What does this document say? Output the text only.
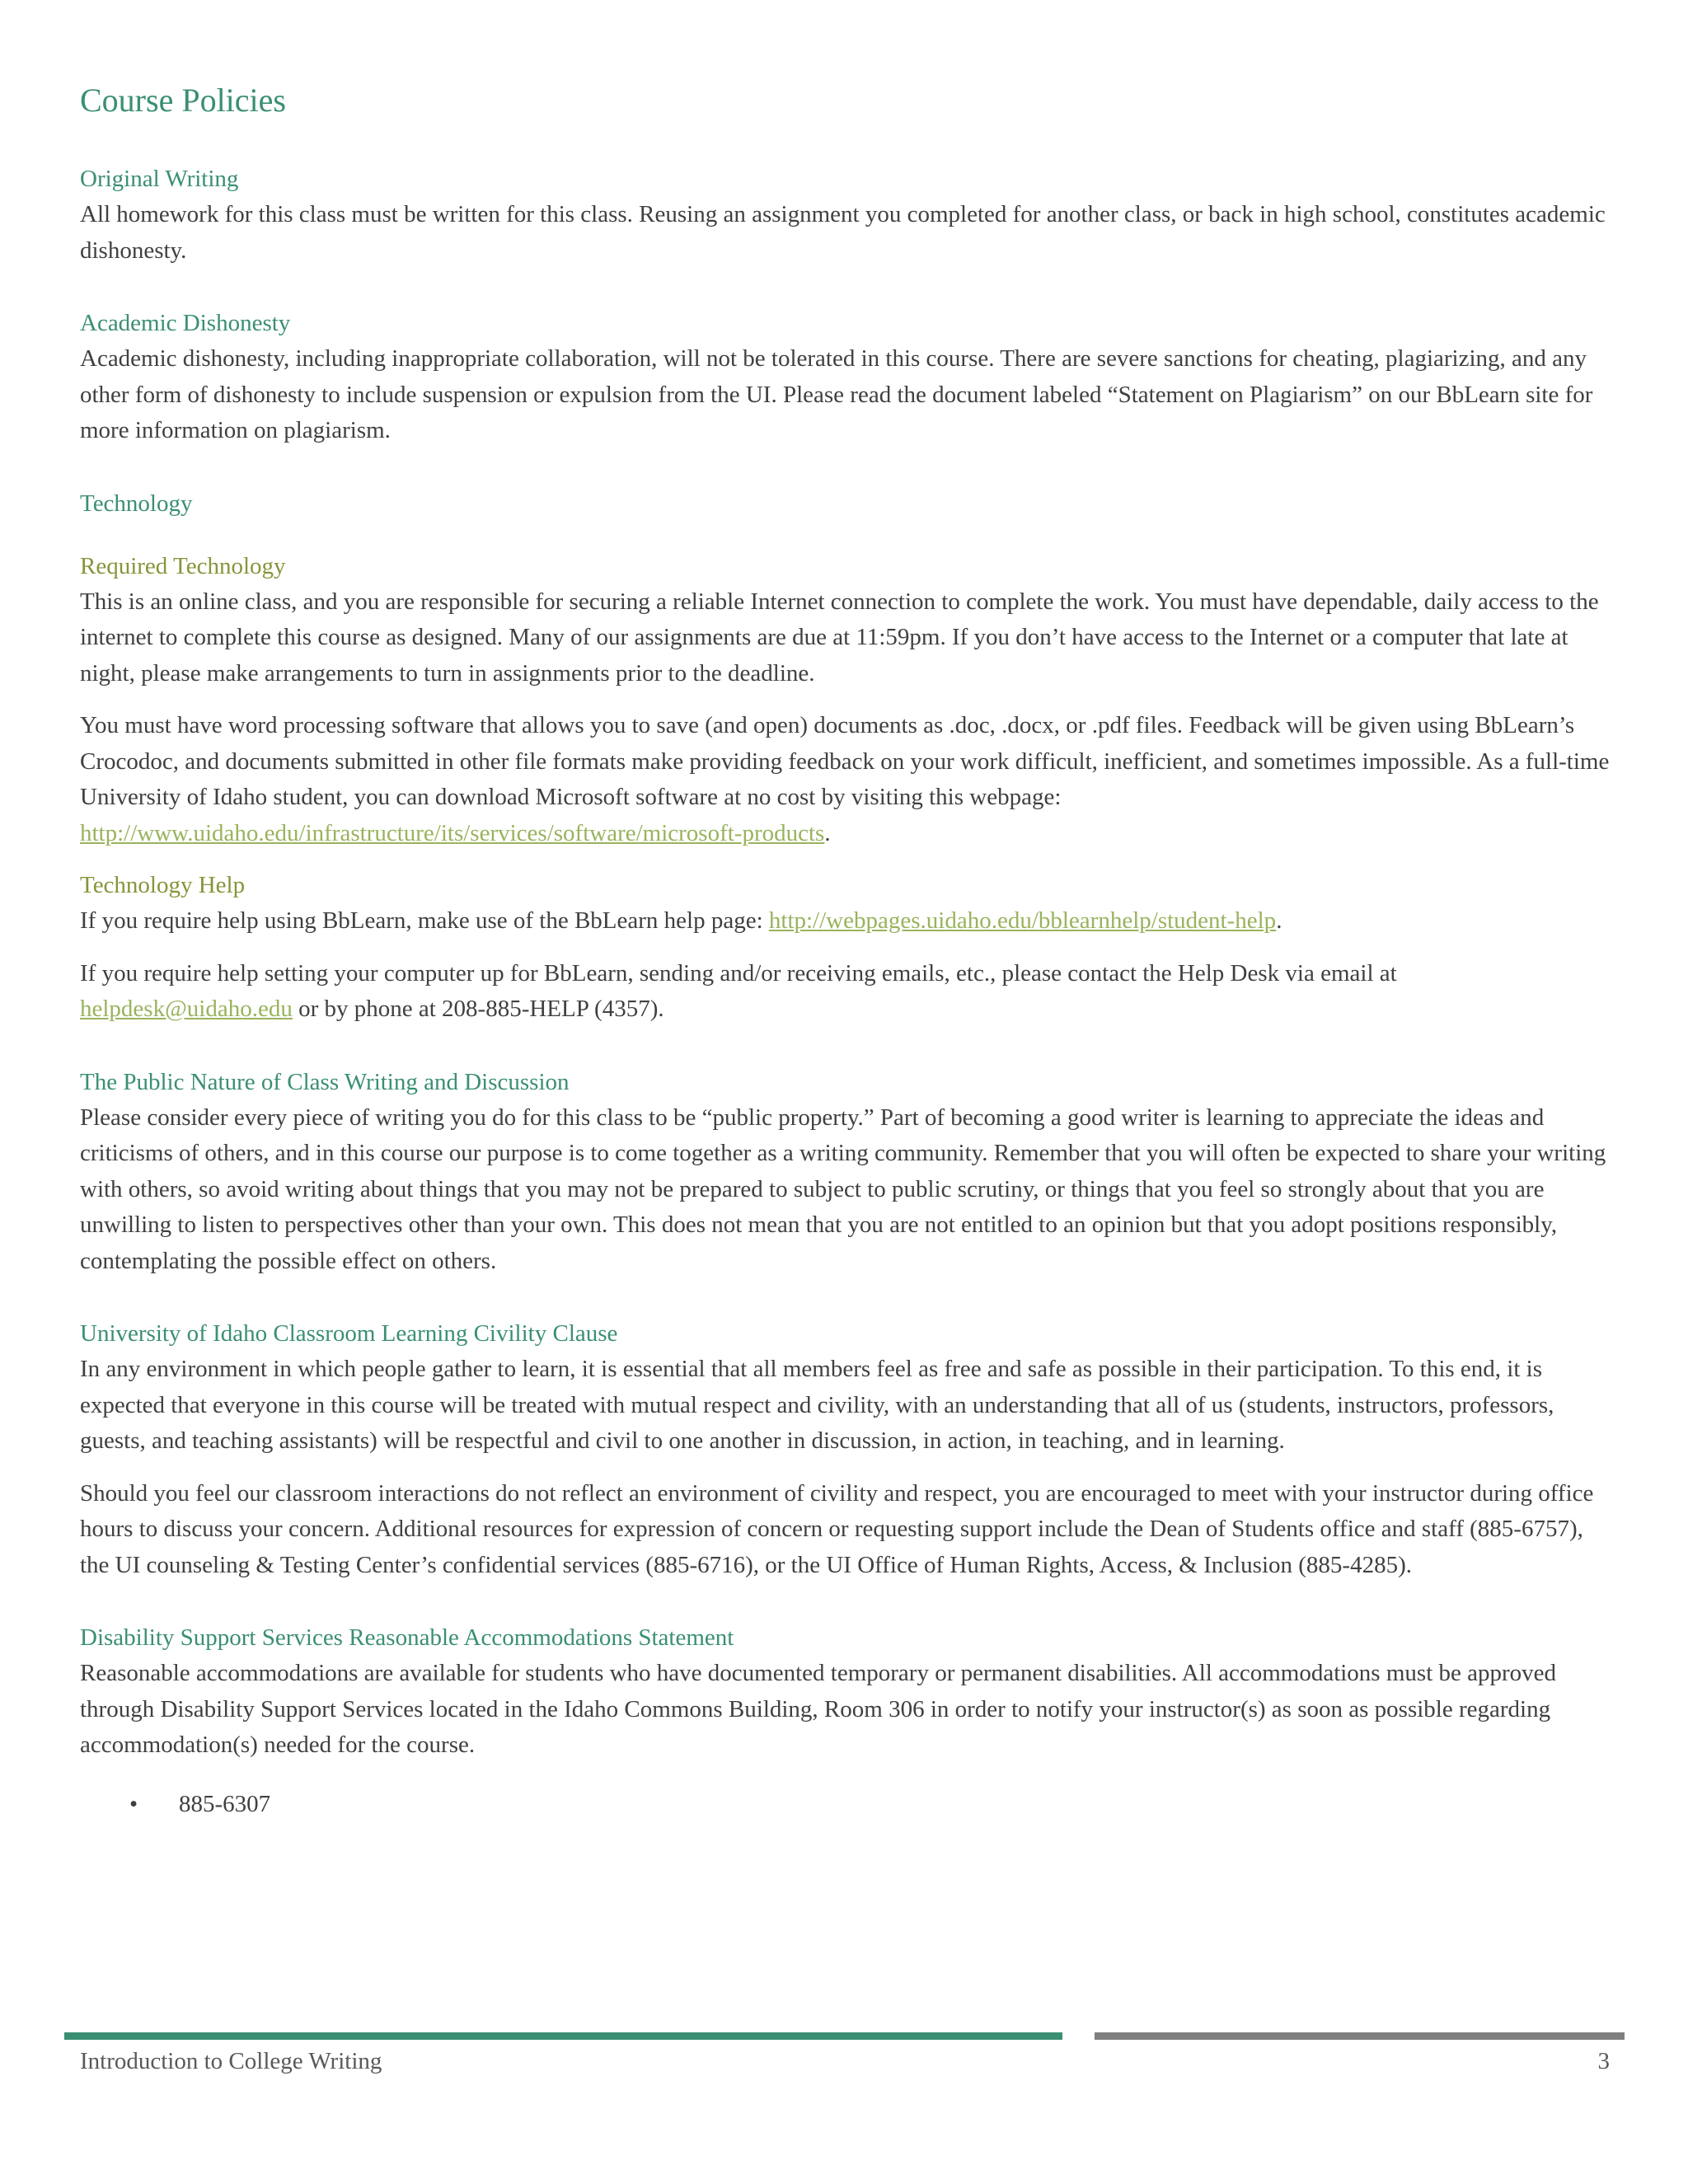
Course Policies
Original Writing

All homework for this class must be written for this class. Reusing an assignment you completed for another class, or back in high school, constitutes academic dishonesty.

Academic Dishonesty

Academic dishonesty, including inappropriate collaboration, will not be tolerated in this course. There are severe sanctions for cheating, plagiarizing, and any other form of dishonesty to include suspension or expulsion from the UI. Please read the document labeled “Statement on Plagiarism” on our BbLearn site for more information on plagiarism.

Technology
Required Technology

This is an online class, and you are responsible for securing a reliable Internet connection to complete the work. You must have dependable, daily access to the internet to complete this course as designed. Many of our assignments are due at 11:59pm. If you don’t have access to the Internet or a computer that late at night, please make arrangements to turn in assignments prior to the deadline.

You must have word processing software that allows you to save (and open) documents as .doc, .docx, or .pdf files. Feedback will be given using BbLearn’s Crocodoc, and documents submitted in other file formats make providing feedback on your work difficult, inefficient, and sometimes impossible. As a full-time University of Idaho student, you can download Microsoft software at no cost by visiting this webpage: http://www.uidaho.edu/infrastructure/its/services/software/microsoft-products.

Technology Help

If you require help using BbLearn, make use of the BbLearn help page: http://webpages.uidaho.edu/bblearnhelp/student-help.

If you require help setting your computer up for BbLearn, sending and/or receiving emails, etc., please contact the Help Desk via email at helpdesk@uidaho.edu or by phone at 208-885-HELP (4357).

The Public Nature of Class Writing and Discussion

Please consider every piece of writing you do for this class to be “public property.” Part of becoming a good writer is learning to appreciate the ideas and criticisms of others, and in this course our purpose is to come together as a writing community. Remember that you will often be expected to share your writing with others, so avoid writing about things that you may not be prepared to subject to public scrutiny, or things that you feel so strongly about that you are unwilling to listen to perspectives other than your own. This does not mean that you are not entitled to an opinion but that you adopt positions responsibly, contemplating the possible effect on others.

University of Idaho Classroom Learning Civility Clause

In any environment in which people gather to learn, it is essential that all members feel as free and safe as possible in their participation. To this end, it is expected that everyone in this course will be treated with mutual respect and civility, with an understanding that all of us (students, instructors, professors, guests, and teaching assistants) will be respectful and civil to one another in discussion, in action, in teaching, and in learning.

Should you feel our classroom interactions do not reflect an environment of civility and respect, you are encouraged to meet with your instructor during office hours to discuss your concern. Additional resources for expression of concern or requesting support include the Dean of Students office and staff (885-6757), the UI counseling & Testing Center’s confidential services (885-6716), or the UI Office of Human Rights, Access, & Inclusion (885-4285).

Disability Support Services Reasonable Accommodations Statement

Reasonable accommodations are available for students who have documented temporary or permanent disabilities. All accommodations must be approved through Disability Support Services located in the Idaho Commons Building, Room 306 in order to notify your instructor(s) as soon as possible regarding accommodation(s) needed for the course.

• 885-6307
Introduction to College Writing	3
